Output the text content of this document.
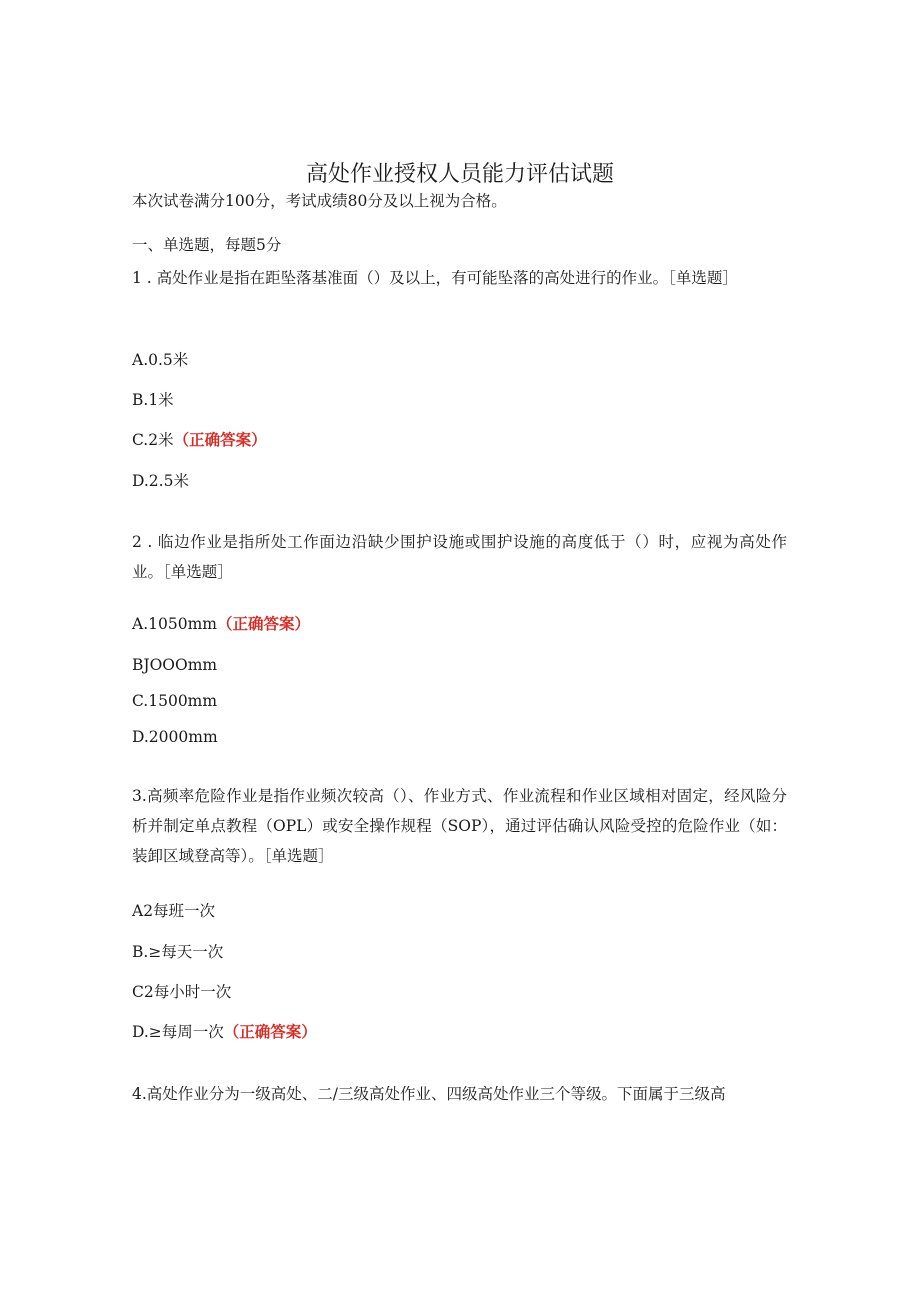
高处作业授权人员能力评估试题
本次试卷满分100分，考试成绩80分及以上视为合格。
一、单选题，每题5分
1 . 高处作业是指在距坠落基准面（）及以上，有可能坠落的高处进行的作业。［单选题］
A.0.5米
B.1米
C.2米（正确答案）
D.2.5米
2 . 临边作业是指所处工作面边沿缺少围护设施或围护设施的高度低于（）时，应视为高处作业。［单选题］
A.1050mm（正确答案）
BJOOOmm
C.1500mm
D.2000mm
3.高频率危险作业是指作业频次较高（）、作业方式、作业流程和作业区域相对固定，经风险分析并制定单点教程（OPL）或安全操作规程（SOP），通过评估确认风险受控的危险作业（如：装卸区域登高等）。［单选题］
A2每班一次
B.≥每天一次
C2每小时一次
D.≥每周一次（正确答案）
4.高处作业分为一级高处、二/三级高处作业、四级高处作业三个等级。下面属于三级高
